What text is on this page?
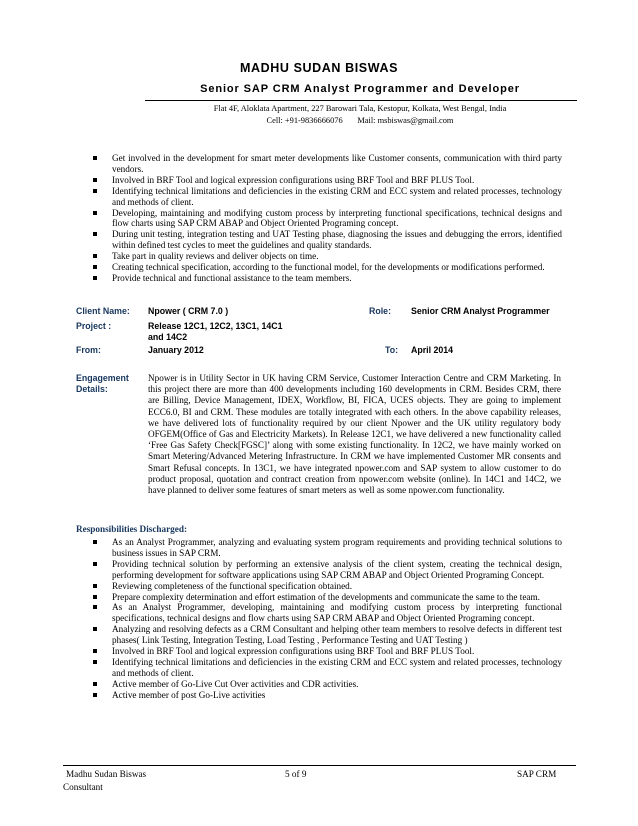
MADHU SUDAN BISWAS
Senior SAP CRM Analyst Programmer and Developer
Flat 4F, Aloklata Apartment, 227 Barowari Tala, Kestopur, Kolkata, West Bengal, India
Cell: +91-9836666076       Mail: msbiswas@gmail.com
Get involved in the development for smart meter developments like Customer consents, communication with third party vendors.
Involved in BRF Tool and logical expression configurations using BRF Tool and BRF PLUS Tool.
Identifying technical limitations and deficiencies in the existing CRM and ECC system and related processes, technology and methods of client.
Developing, maintaining and modifying custom process by interpreting functional specifications, technical designs and flow charts using SAP CRM ABAP and Object Oriented Programing concept.
During unit testing, integration testing and UAT Testing phase, diagnosing the issues and debugging the errors, identified within defined test cycles to meet the guidelines and quality standards.
Take part in quality reviews and deliver objects on time.
Creating technical specification, according to the functional model, for the developments or modifications performed.
Provide technical and functional assistance to the team members.
Client Name: Npower ( CRM 7.0 )	Role: Senior CRM Analyst Programmer
Project :	Release 12C1, 12C2, 13C1, 14C1
and 14C2
From:	January 2012	To: April 2014
Engagement
Details:

Npower is in Utility Sector in UK having CRM Service, Customer Interaction Centre and CRM Marketing. In this project there are more than 400 developments including 160 developments in CRM. Besides CRM, there are Billing, Device Management, IDEX, Workflow, BI, FICA, UCES objects. They are going to implement ECC6.0, BI and CRM. These modules are totally integrated with each others. In the above capability releases, we have delivered lots of functionality required by our client Npower and the UK utility regulatory body OFGEM(Office of Gas and Electricity Markets). In Release 12C1, we have delivered a new functionality called ‘Free Gas Safety Check[FGSC]’ along with some existing functionality. In 12C2, we have mainly worked on Smart Metering/Advanced Metering Infrastructure. In CRM we have implemented Customer MR consents and Smart Refusal concepts. In 13C1, we have integrated npower.com and SAP system to allow customer to do product proposal, quotation and contract creation from npower.com website (online). In 14C1 and 14C2, we have planned to deliver some features of smart meters as well as some npower.com functionality.

Responsibilities Discharged:
As an Analyst Programmer, analyzing and evaluating system program requirements and providing technical solutions to business issues in SAP CRM.
Providing technical solution by performing an extensive analysis of the client system, creating the technical design, performing development for software applications using SAP CRM ABAP and Object Oriented Programing Concept.
Reviewing completeness of the functional specification obtained.
Prepare complexity determination and effort estimation of the developments and communicate the same to the team.
As an Analyst Programmer, developing, maintaining and modifying custom process by interpreting functional specifications, technical designs and flow charts using SAP CRM ABAP and Object Oriented Programing concept.
Analyzing and resolving defects as a CRM Consultant and helping other team members to resolve defects in different test phases( Link Testing, Integration Testing, Load Testing , Performance Testing and UAT Testing )
Involved in BRF Tool and logical expression configurations using BRF Tool and BRF PLUS Tool.
Identifying technical limitations and deficiencies in the existing CRM and ECC system and related processes, technology and methods of client.
Active member of Go-Live Cut Over activities and CDR activities.
Active member of post Go-Live activities
Madhu Sudan Biswas
Consultant
5 of 9	SAP CRM
